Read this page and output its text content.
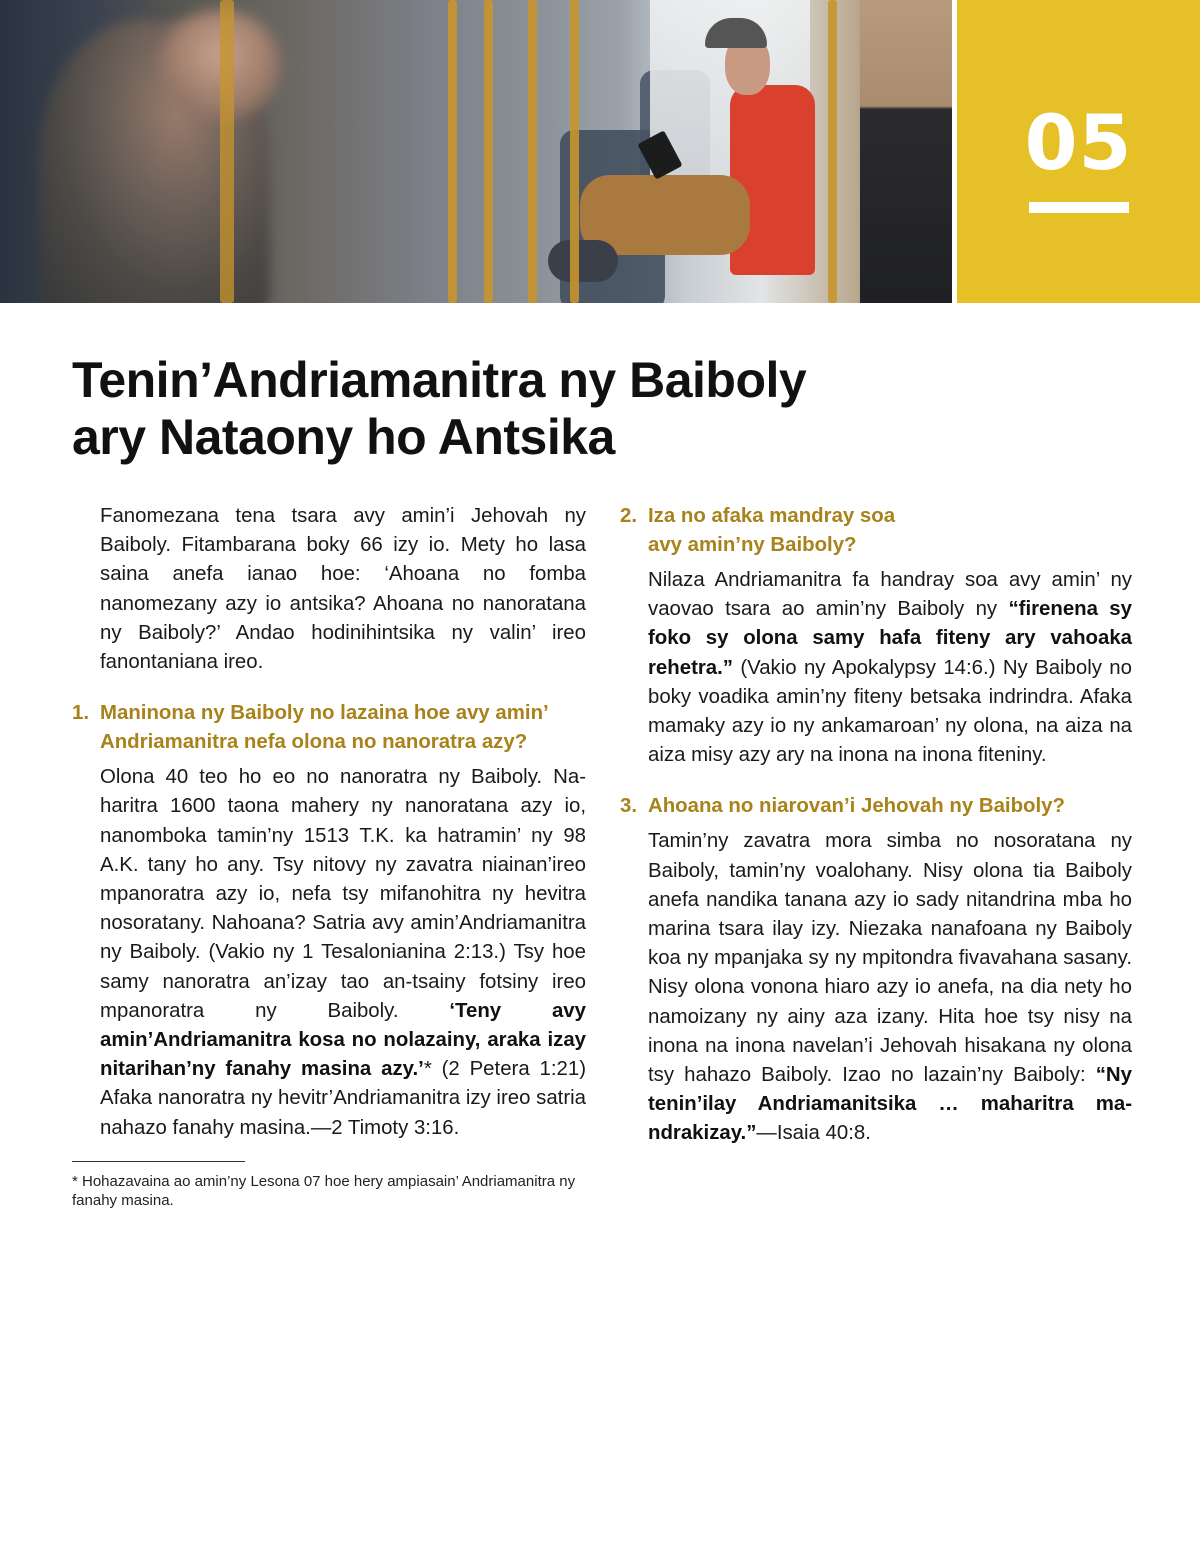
05
Tenin’Andriamanitra ny Baiboly
ary Nataony ho Antsika

Fanomezana tena tsara avy amin’i Jehovah ny Baiboly. Fitambarana boky 66 izy io. Mety ho lasa saina anefa ianao hoe: ‘Ahoana no fomba nanomezany azy io antsika? Ahoana no nanoratana ny Baiboly?’ Andao hodinihintsika ny valin’ ireo fanontaniana ireo.

1. Maninona ny Baiboly no lazaina hoe avy amin’
Andriamanitra nefa olona no nanoratra azy?

Olona 40 teo ho eo no nanoratra ny Baiboly. Naharitra 1600 taona mahery ny nanoratana azy io, nanomboka tamin’ny 1513 T.K. ka hatramin’ ny 98 A.K. tany ho any. Tsy nitovy ny zavatra niainan’ireo mpanoratra azy io, nefa tsy mifanohitra ny hevitra nosoratany. Nahoana? Satria avy amin’Andriamanitra ny Baiboly. (Vakio ny 1 Tesalonianina 2:13.) Tsy hoe samy nanoratra an’izay tao an-tsainy fotsiny ireo mpanoratra ny Baiboly. ‘Teny avy amin’Andriamanitra kosa no nolazainy, araka izay nitarihan’ny fanahy masina azy.’* (2 Petera 1:21) Afaka nanoratra ny hevitr’Andriamanitra izy ireo satria nahazo fanahy masina.—2 Timoty 3:16.

* Hohazavaina ao amin’ny Lesona 07 hoe hery ampiasain’ Andriamanitra ny fanahy masina.

2. Iza no afaka mandray soa
avy amin’ny Baiboly?

Nilaza Andriamanitra fa handray soa avy amin’ ny vaovao tsara ao amin’ny Baiboly ny “firenena sy foko sy olona samy hafa fiteny ary vahoaka rehetra.” (Vakio ny Apokalypsy 14:6.) Ny Baiboly no boky voadika amin’ny fiteny betsaka indrindra. Afaka mamaky azy io ny ankamaroan’ ny olona, na aiza na aiza misy azy ary na inona na inona fiteniny.

3. Ahoana no niarovan’i Jehovah ny Baiboly?

Tamin’ny zavatra mora simba no nosoratana ny Baiboly, tamin’ny voalohany. Nisy olona tia Baiboly anefa nandika tanana azy io sady nitandrina mba ho marina tsara ilay izy. Niezaka nanafoana ny Baiboly koa ny mpanjaka sy ny mpitondra fivavahana sasany. Nisy olona vonona hiaro azy io anefa, na dia nety ho namoizany ny ainy aza izany. Hita hoe tsy nisy na inona na inona navelan’i Jehovah hisakana ny olona tsy hahazo Baiboly. Izao no lazain’ny Baiboly: “Ny tenin’ilay Andriamanitsika … maharitra mandrakizay.”—Isaia 40:8.
